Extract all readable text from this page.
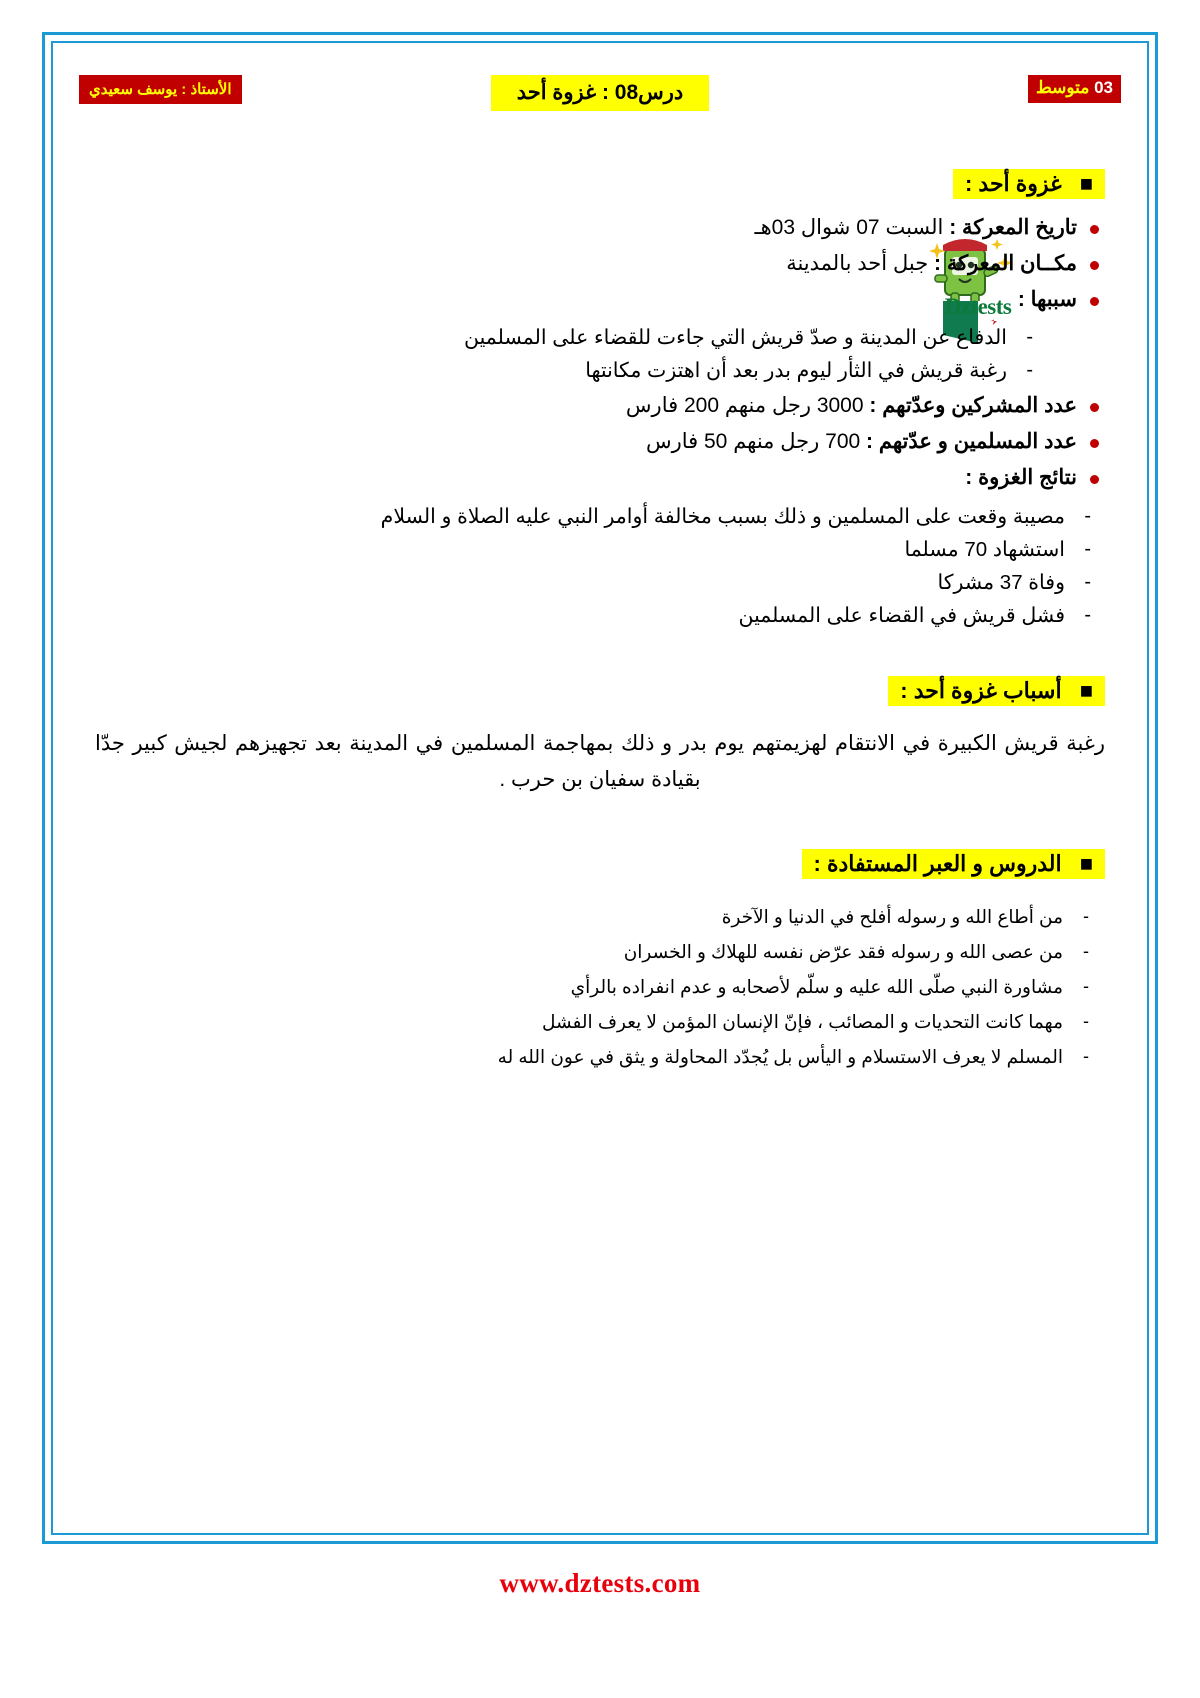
03 متوسط
درس08 : غزوة أحد
الأستاذ : يوسف سعيدي
Dztests
■ غزوة أحد :
تاريخ المعركة : السبت 07 شوال 03هـ
مكــان المعركة : جبل أحد بالمدينة
سببها :
- الدفاع عن المدينة و صدّ قريش التي جاءت للقضاء على المسلمين
- رغبة قريش في الثأر ليوم بدر بعد أن اهتزت مكانتها
عدد المشركين وعدّتهم : 3000 رجل منهم 200 فارس
عدد المسلمين و عدّتهم : 700 رجل منهم 50 فارس
نتائج الغزوة :
- مصيبة وقعت على المسلمين و ذلك بسبب مخالفة أوامر النبي عليه الصلاة و السلام
- استشهاد 70 مسلما
- وفاة 37 مشركا
- فشل قريش في القضاء على المسلمين
■ أسباب غزوة أحد :
رغبة قريش الكبيرة في الانتقام لهزيمتهم يوم بدر و ذلك بمهاجمة المسلمين في المدينة بعد تجهيزهم لجيش كبير جدّا بقيادة سفيان بن حرب .
■ الدروس و العبر المستفادة :
- من أطاع الله و رسوله أفلح في الدنيا و الآخرة
- من عصى الله و رسوله فقد عرّض نفسه للهلاك و الخسران
- مشاورة النبي صلّى الله عليه و سلّم لأصحابه و عدم انفراده بالرأي
- مهما كانت التحديات و المصائب ، فإنّ الإنسان المؤمن لا يعرف الفشل
- المسلم لا يعرف الاستسلام و اليأس بل يُجدّد المحاولة و يثق في عون الله له
www.dztests.com
